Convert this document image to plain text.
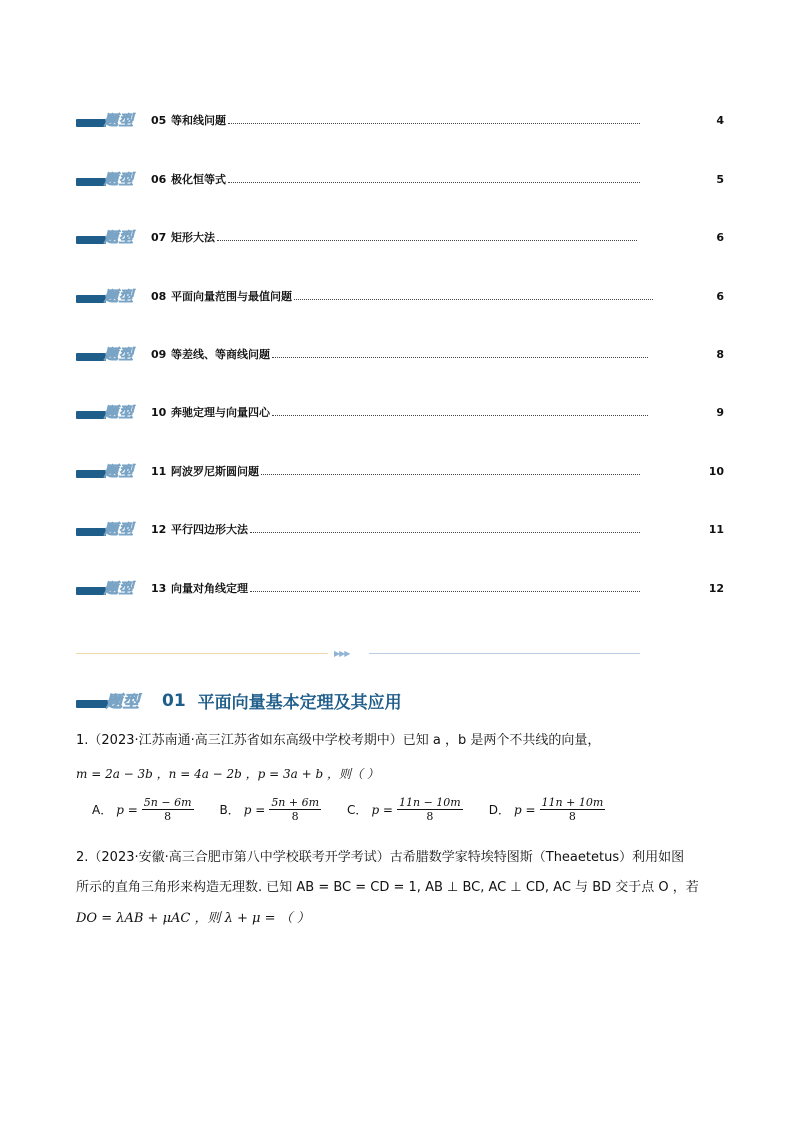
题型 05 等和线问题	4
题型 06 极化恒等式	5
题型 07 矩形大法	6
题型 08 平面向量范围与最值问题	6
题型 09 等差线、等商线问题	8
题型 10 奔驰定理与向量四心	9
题型 11 阿波罗尼斯圆问题	10
题型 12 平行四边形大法	11
题型 13 向量对角线定理	12
▶▶▶
题型 01 平面向量基本定理及其应用
1.（2023·江苏南通·高三江苏省如东高级中学校考期中）已知 a ，b 是两个不共线的向量，
m = 2a − 3b ，n = 4a − 2b ，p = 3a + b ，则（ ）
A． $p = \frac{5n - 6m}{8}$ B． $p = \frac{5n + 6m}{8}$ C． $p = \frac{11n - 10m}{8}$ D． $p = \frac{11n + 10m}{8}$
2.（2023·安徽·高三合肥市第八中学校联考开学考试）古希腊数学家特埃特图斯（Theaetetus）利用如图
所示的直角三角形来构造无理数. 已知 AB = BC = CD = 1, AB ⊥ BC, AC ⊥ CD, AC 与 BD 交于点 O ，若
DO = λAB + μAC ，则 λ + μ = （ ）
